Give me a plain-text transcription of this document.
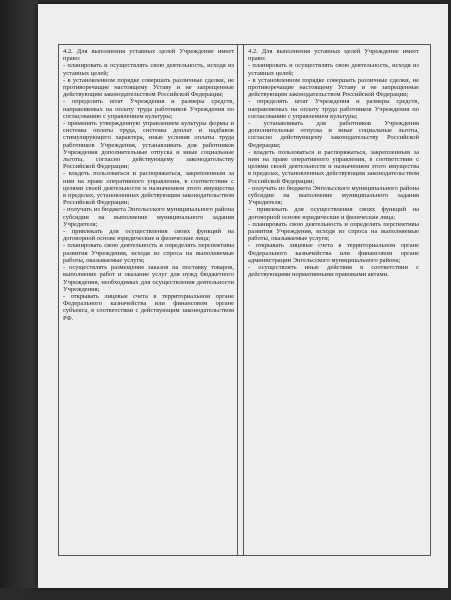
4.2. Для выполнения уставных целей Учреждение имеет право:

- планировать и осуществлять свою деятельность, исходя из уставных целей;

- в установленном порядке совершать различные сделки, не противоречащие настоящему Уставу и не запрещенные действующим законодательством Российской Федерации;

- определять штат Учреждения и размеры средств, направляемых на оплату труда работников Учреждения по согласованию с управлением культуры;

- применять утвержденную управлением культуры формы и системы оплаты труда, системы доплат и надбавок стимулирующего характера, иные условия оплаты труда работников Учреждения, устанавливать для работников Учреждения дополнительные отпуска и иные социальные льготы, согласно действующему законодательству Российской Федерации;

- владеть пользоваться и распоряжаться, закрепленным за ним на праве оперативного управления, в соответствии с целями своей деятельности и назначением этого имущества в пределах, установленных действующим законодательством Российской Федерации;

- получать из бюджета Энгельсского муниципального района субсидии на выполнение муниципального задания Учредителя;

- привлекать для осуществления своих функций на договорной основе юридические и физические лица;

- планировать свою деятельность и определять перспективы развития Учреждения, исходя из спроса на выполняемые работы, оказываемые услуги;

- осуществлять размещение заказов на поставку товаров, выполнение работ и оказание услуг для нужд бюджетного Учреждения, необходимых для осуществления деятельности Учреждения;

- открывать лицевые счета в территориальном органе Федерального казначейства или финансовом органе субъекта, в соответствии с действующим законодательством РФ.

4.2. Для выполнения уставных целей Учреждение имеет право:

- планировать и осуществлять свою деятельность, исходя из уставных целей;

- в установленном порядке совершать различные сделки, не противоречащие настоящему Уставу и не запрещенные действующим законодательством Российской Федерации;

- определять штат Учреждения и размеры средств, направляемых на оплату труда работников Учреждения по согласованию с управлением культуры;

- устанавливать для работников Учреждения дополнительные отпуска и иные социальные льготы, согласно действующему законодательству Российской Федерации;

- владеть пользоваться и распоряжаться, закрепленным за ним на праве оперативного управления, в соответствии с целями своей деятельности и назначением этого имущества в пределах, установленных действующим законодательством Российской Федерации;

- получать из бюджета Энгельсского муниципального района субсидии на выполнение муниципального задания Учредителя;

- привлекать для осуществления своих функций на договорной основе юридические и физические лица;

- планировать свою деятельность и определять перспективы развития Учреждения, исходя из спроса на выполняемые работы, оказываемые услуги;

- открывать лицевые счета в территориальном органе Федерального казначейства или финансовом органе администрации Энгельсского муниципального района;

- осуществлять иные действия в соответствии с действующими нормативными правовыми актами.
